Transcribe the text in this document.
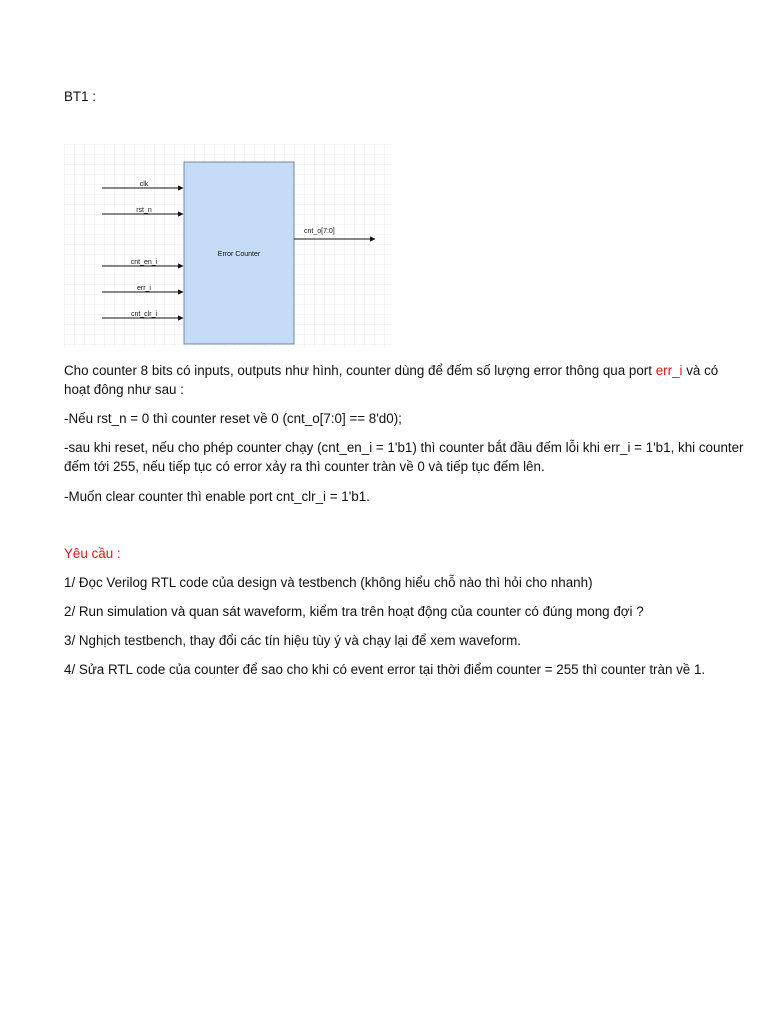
BT1 :

Error Counter
clk
rst_n
cnt_en_i
err_i
cnt_clr_i
cnt_o[7:0]

Cho counter 8 bits có inputs, outputs như hình, counter dùng để đếm số lượng error thông qua port err_i và có hoạt đông như sau :

-Nếu rst_n = 0 thì counter reset về 0 (cnt_o[7:0] == 8'd0);

-sau khi reset, nếu cho phép counter chạy (cnt_en_i = 1'b1) thì counter bắt đầu đếm lỗi khi err_i = 1'b1, khi counter đếm tới 255, nếu tiếp tục có error xảy ra thì counter tràn về 0 và tiếp tục đếm lên.

-Muốn clear counter thì enable port cnt_clr_i = 1'b1.

Yêu cầu :

1/ Đọc Verilog RTL code của design và testbench (không hiểu chỗ nào thì hỏi cho nhanh)

2/ Run simulation và quan sát waveform, kiểm tra trên hoạt động của counter có đúng mong đợi ?

3/ Nghịch testbench, thay đổi các tín hiệu tùy ý và chạy lại để xem waveform.

4/ Sửa RTL code của counter để sao cho khi có event error tại thời điểm counter = 255 thì counter tràn về 1.
